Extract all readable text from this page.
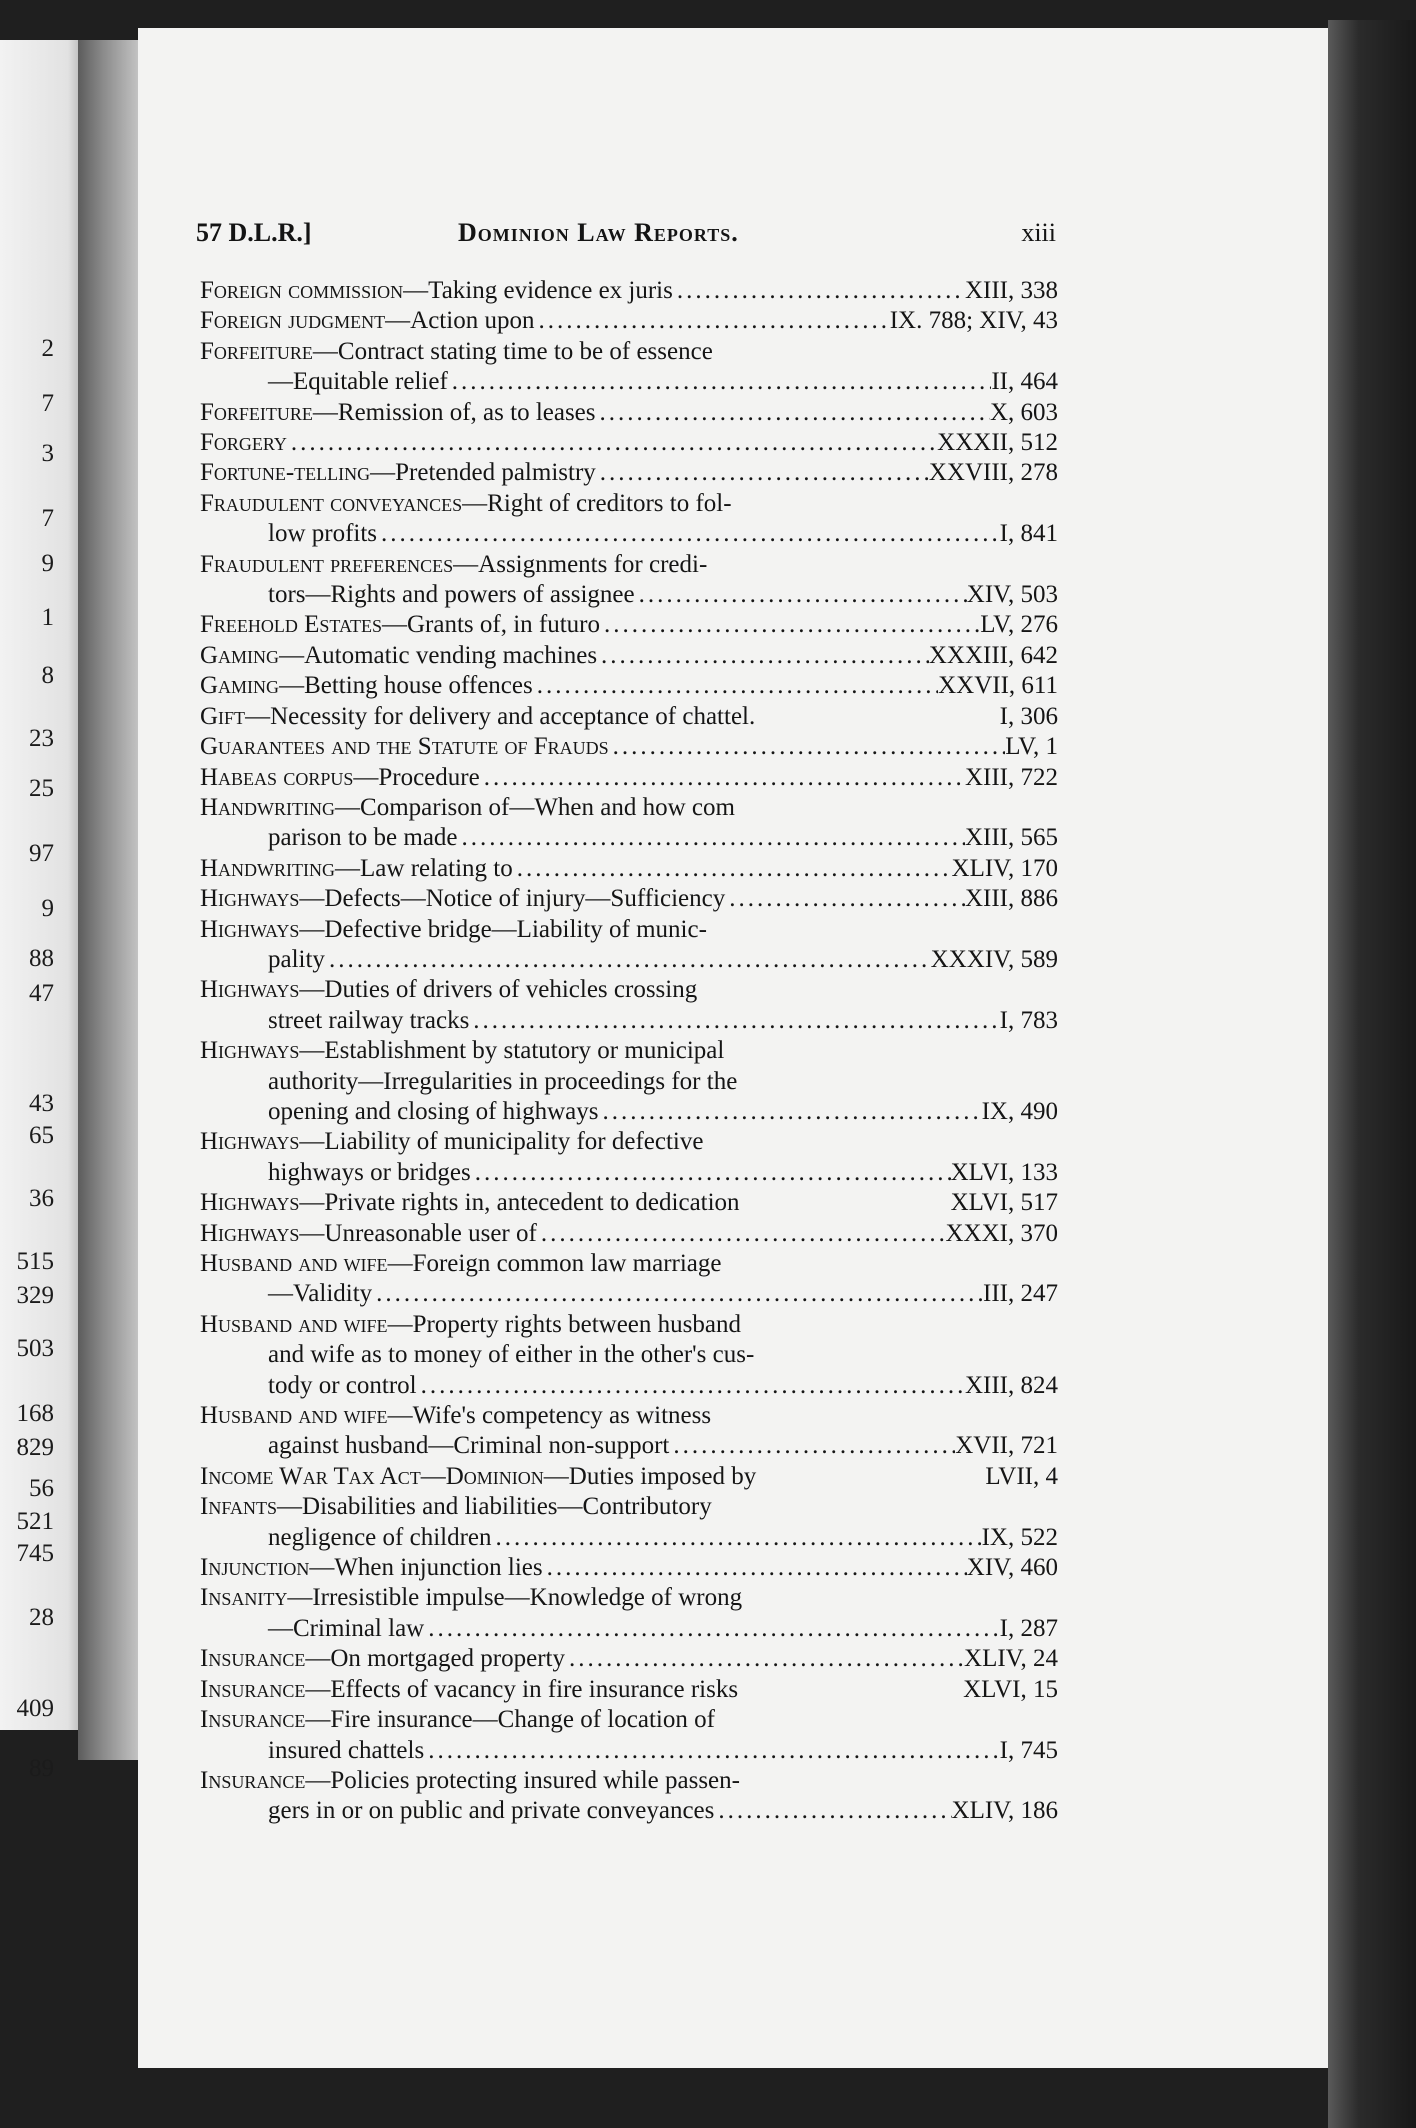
2
7
3
7
9
1
8
23
25
97
9
88
47
43
65
36
515
329
503
168
829
56
521
745
28
409
89
57 D.L.R.]	Dominion Law Reports.	xiii
Foreign commission—Taking evidence ex juris .....	XIII, 338
Foreign judgment—Action upon .....	IX. 788; XIV, 43
Forfeiture—Contract stating time to be of essence
—Equitable relief .....	II, 464
Forfeiture—Remission of, as to leases .....	X, 603
Forgery .....	XXXII, 512
Fortune-telling—Pretended palmistry .....	XXVIII, 278
Fraudulent conveyances—Right of creditors to fol-
low profits .....	I, 841
Fraudulent preferences—Assignments for credi-
tors—Rights and powers of assignee .....	XIV, 503
Freehold Estates—Grants of, in futuro .....	LV, 276
Gaming—Automatic vending machines .....	XXXIII, 642
Gaming—Betting house offences .....	XXVII, 611
Gift—Necessity for delivery and acceptance of chattel.	I, 306
Guarantees and the Statute of Frauds .....	LV, 1
Habeas corpus—Procedure .....	XIII, 722
Handwriting—Comparison of—When and how com
parison to be made .....	XIII, 565
Handwriting—Law relating to .....	XLIV, 170
Highways—Defects—Notice of injury—Sufficiency .....	XIII, 886
Highways—Defective bridge—Liability of munic-
pality .....	XXXIV, 589
Highways—Duties of drivers of vehicles crossing
street railway tracks .....	I, 783
Highways—Establishment by statutory or municipal
authority—Irregularities in proceedings for the
opening and closing of highways .....	IX, 490
Highways—Liability of municipality for defective
highways or bridges .....	XLVI, 133
Highways—Private rights in, antecedent to dedication	XLVI, 517
Highways—Unreasonable user of .....	XXXI, 370
Husband and wife—Foreign common law marriage
—Validity .....	III, 247
Husband and wife—Property rights between husband
and wife as to money of either in the other's cus-
tody or control .....	XIII, 824
Husband and wife—Wife's competency as witness
against husband—Criminal non-support .....	XVII, 721
Income War Tax Act—Dominion—Duties imposed by	LVII, 4
Infants—Disabilities and liabilities—Contributory
negligence of children .....	IX, 522
Injunction—When injunction lies .....	XIV, 460
Insanity—Irresistible impulse—Knowledge of wrong
—Criminal law .....	I, 287
Insurance—On mortgaged property .....	XLIV, 24
Insurance—Effects of vacancy in fire insurance risks	XLVI, 15
Insurance—Fire insurance—Change of location of
insured chattels .....	I, 745
Insurance—Policies protecting insured while passen-
gers in or on public and private conveyances .....	XLIV, 186
